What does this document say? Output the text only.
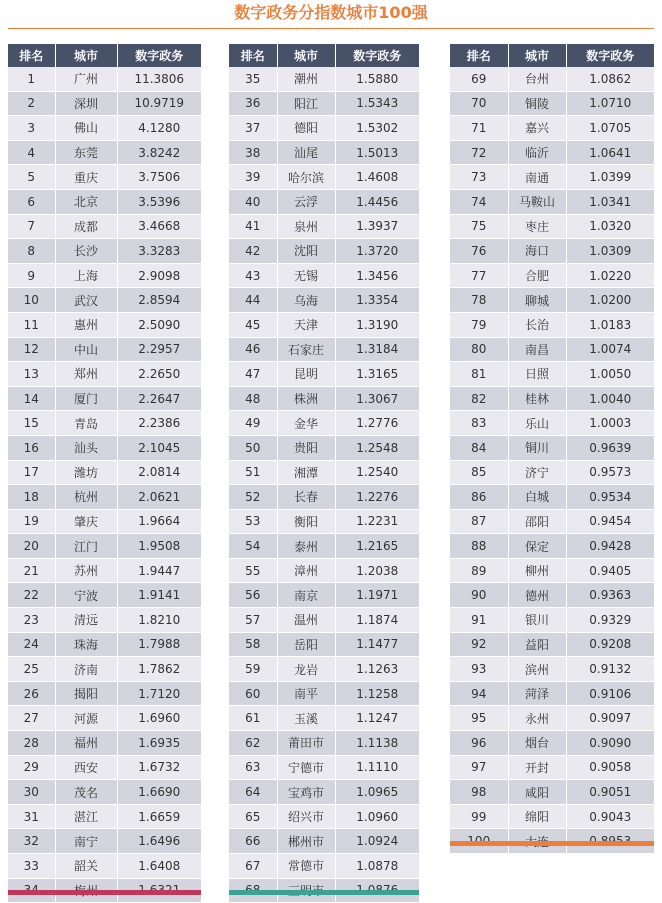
数字政务分指数城市100强
排名	城市	数字政务
1	广州	11.3806
2	深圳	10.9719
3	佛山	4.1280
4	东莞	3.8242
5	重庆	3.7506
6	北京	3.5396
7	成都	3.4668
8	长沙	3.3283
9	上海	2.9098
10	武汉	2.8594
11	惠州	2.5090
12	中山	2.2957
13	郑州	2.2650
14	厦门	2.2647
15	青岛	2.2386
16	汕头	2.1045
17	潍坊	2.0814
18	杭州	2.0621
19	肇庆	1.9664
20	江门	1.9508
21	苏州	1.9447
22	宁波	1.9141
23	清远	1.8210
24	珠海	1.7988
25	济南	1.7862
26	揭阳	1.7120
27	河源	1.6960
28	福州	1.6935
29	西安	1.6732
30	茂名	1.6690
31	湛江	1.6659
32	南宁	1.6496
33	韶关	1.6408

排名	城市	数字政务
35	潮州	1.5880
36	阳江	1.5343
37	德阳	1.5302
38	汕尾	1.5013
39	哈尔滨	1.4608
40	云浮	1.4456
41	泉州	1.3937
42	沈阳	1.3720
43	无锡	1.3456
44	乌海	1.3354
45	天津	1.3190
46	石家庄	1.3184
47	昆明	1.3165
48	株洲	1.3067
49	金华	1.2776
50	贵阳	1.2548
51	湘潭	1.2540
52	长春	1.2276
53	衡阳	1.2231
54	泰州	1.2165
55	漳州	1.2038
56	南京	1.1971
57	温州	1.1874
58	岳阳	1.1477
59	龙岩	1.1263
60	南平	1.1258
61	玉溪	1.1247
62	莆田市	1.1138
63	宁德市	1.1110
64	宝鸡市	1.0965
65	绍兴市	1.0960
66	郴州市	1.0924
67	常德市	1.0878

排名	城市	数字政务
69	台州	1.0862
70	铜陵	1.0710
71	嘉兴	1.0705
72	临沂	1.0641
73	南通	1.0399
74	马鞍山	1.0341
75	枣庄	1.0320
76	海口	1.0309
77	合肥	1.0220
78	聊城	1.0200
79	长治	1.0183
80	南昌	1.0074
81	日照	1.0050
82	桂林	1.0040
83	乐山	1.0003
84	铜川	0.9639
85	济宁	0.9573
86	白城	0.9534
87	邵阳	0.9454
88	保定	0.9428
89	柳州	0.9405
90	德州	0.9363
91	银川	0.9329
92	益阳	0.9208
93	滨州	0.9132
94	菏泽	0.9106
95	永州	0.9097
96	烟台	0.9090
97	开封	0.9058
98	咸阳	0.9051
99	绵阳	0.9043
